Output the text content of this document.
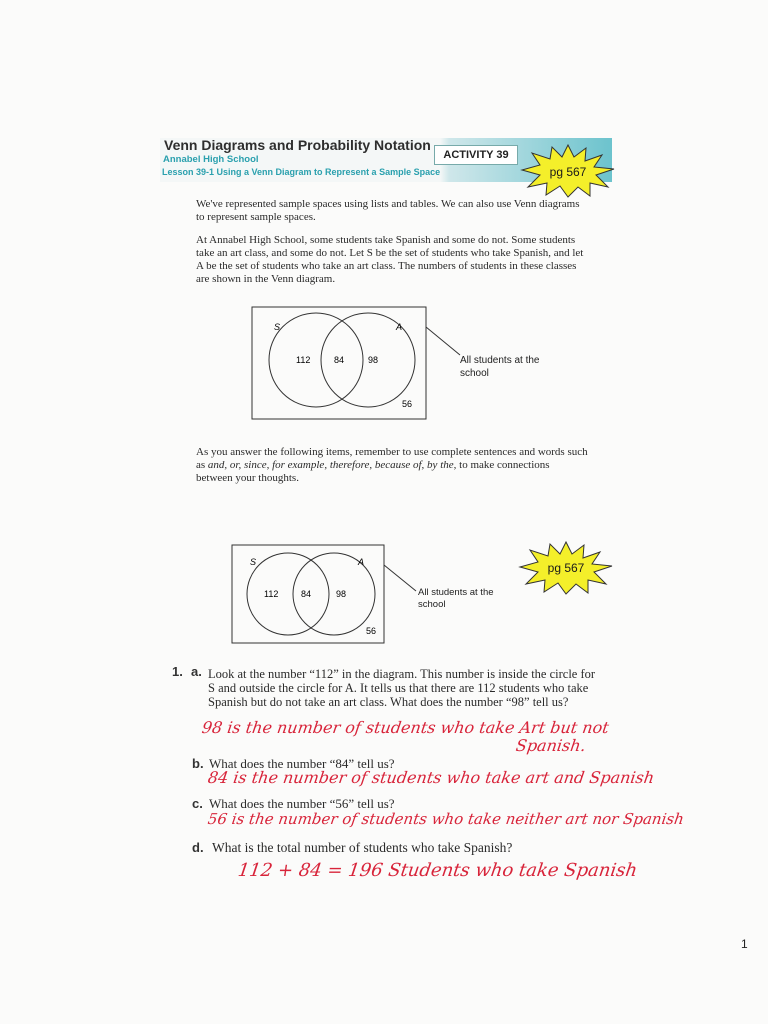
Venn Diagrams and Probability Notation
Annabel High School
Lesson 39-1 Using a Venn Diagram to Represent a Sample Space
ACTIVITY 39
pg 567
We've represented sample spaces using lists and tables. We can also use Venn diagrams to represent sample spaces.
At Annabel High School, some students take Spanish and some do not. Some students take an art class, and some do not. Let S be the set of students who take Spanish, and let A be the set of students who take an art class. The numbers of students in these classes are shown in the Venn diagram.
S	A
112	84	98
56
All students at the school
As you answer the following items, remember to use complete sentences and words such as and, or, since, for example, therefore, because of, by the, to make connections between your thoughts.
S	A
112	84	98
56
All students at the school
pg 567
1. a. Look at the number “112” in the diagram. This number is inside the circle for S and outside the circle for A. It tells us that there are 112 students who take Spanish but do not take an art class. What does the number “98” tell us?
98 is the number of students who take Art but not
Spanish.
b. What does the number “84” tell us?
84 is the number of students who take art and Spanish
c. What does the number “56” tell us?
56 is the number of students who take neither art nor Spanish
d. What is the total number of students who take Spanish?
112 + 84 = 196 Students who take Spanish
1
